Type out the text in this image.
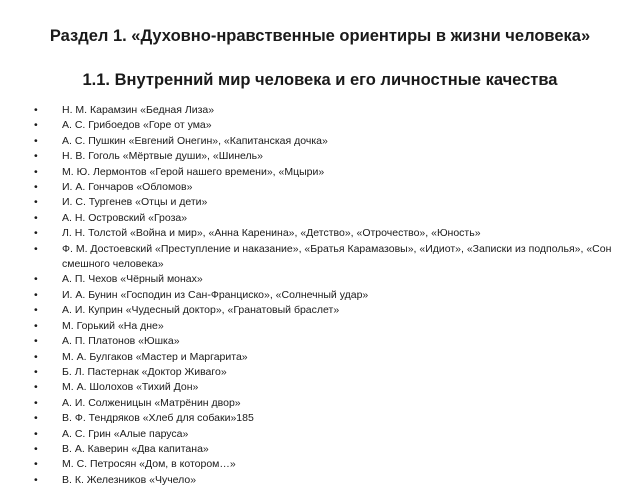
Раздел 1. «Духовно-нравственные ориентиры в жизни человека»
1.1. Внутренний мир человека и его личностные качества
• Н. М. Карамзин «Бедная Лиза»
• А. С. Грибоедов «Горе от ума»
• А. С. Пушкин «Евгений Онегин», «Капитанская дочка»
• Н. В. Гоголь «Мёртвые души», «Шинель»
• М. Ю. Лермонтов «Герой нашего времени», «Мцыри»
• И. А. Гончаров «Обломов»
• И. С. Тургенев «Отцы и дети»
• А. Н. Островский «Гроза»
• Л. Н. Толстой «Война и мир», «Анна Каренина», «Детство», «Отрочество», «Юность»
• Ф. М. Достоевский «Преступление и наказание», «Братья Карамазовы», «Идиот», «Записки из подполья», «Сон смешного человека»
• А. П. Чехов «Чёрный монах»
• И. А. Бунин «Господин из Сан-Франциско», «Солнечный удар»
• А. И. Куприн «Чудесный доктор», «Гранатовый браслет»
• М. Горький «На дне»
• А. П. Платонов «Юшка»
• М. А. Булгаков «Мастер и Маргарита»
• Б. Л. Пастернак «Доктор Живаго»
• М. А. Шолохов «Тихий Дон»
• А. И. Солженицын «Матрёнин двор»
• В. Ф. Тендряков «Хлеб для собаки»185
• А. С. Грин «Алые паруса»
• В. А. Каверин «Два капитана»
• М. С. Петросян «Дом, в котором…»
• В. К. Железников «Чучело»
